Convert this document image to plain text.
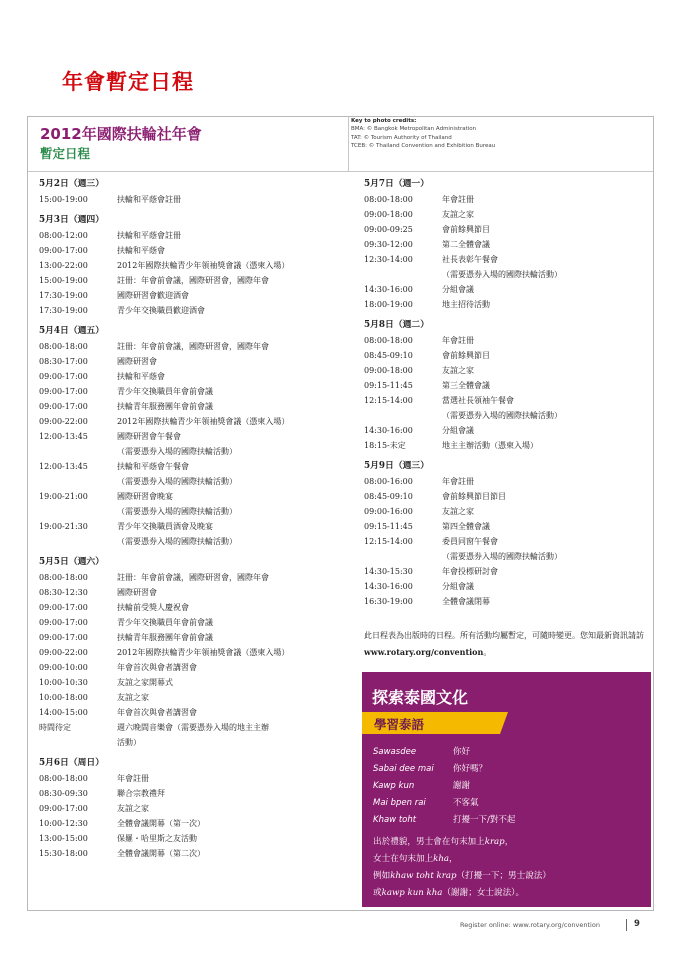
年會暫定日程
2012年國際扶輪社年會
暫定日程
Key to photo credits:
BMA: © Bangkok Metropolitan Administration
TAT: © Tourism Authority of Thailand
TCEB: © Thailand Convention and Exhibition Bureau
5月2日（週三）
15:00-19:00	扶輪和平蔭會註冊
5月3日（週四）
08:00-12:00	扶輪和平蔭會註冊
09:00-17:00	扶輪和平蔭會
13:00-22:00	2012年國際扶輪青少年領袖獎會議（憑柬入場）
15:00-19:00	註冊：年會前會議，國際研習會，國際年會
17:30-19:00	國際研習會歡迎酒會
17:30-19:00	青少年交換職員歡迎酒會
5月4日（週五）
08:00-18:00	註冊：年會前會議，國際研習會，國際年會
08:30-17:00	國際研習會
09:00-17:00	扶輪和平蔭會
09:00-17:00	青少年交換職員年會前會議
09:00-17:00	扶輪青年服務團年會前會議
09:00-22:00	2012年國際扶輪青少年領袖獎會議（憑柬入場）
12:00-13:45	國際研習會午餐會
（需要憑券入場的國際扶輪活動）
12:00-13:45	扶輪和平蔭會午餐會
（需要憑券入場的國際扶輪活動）
19:00-21:00	國際研習會晚宴
（需要憑券入場的國際扶輪活動）
19:00-21:30	青少年交換職員酒會及晚宴
（需要憑券入場的國際扶輪活動）
5月5日（週六）
08:00-18:00	註冊：年會前會議，國際研習會，國際年會
08:30-12:30	國際研習會
09:00-17:00	扶輪前受獎人慶祝會
09:00-17:00	青少年交換職員年會前會議
09:00-17:00	扶輪青年服務團年會前會議
09:00-22:00	2012年國際扶輪青少年領袖獎會議（憑柬入場）
09:00-10:00	年會首次與會者講習會
10:00-10:30	友誼之家開幕式
10:00-18:00	友誼之家
14:00-15:00	年會首次與會者講習會
時間待定	週六晚間音樂會（需要憑券入場的地主主辦
活動）
5月6日（周日）
08:00-18:00	年會註冊
08:30-09:30	聯合宗教禮拜
09:00-17:00	友誼之家
10:00-12:30	全體會議開幕（第一次）
13:00-15:00	保羅・哈里斯之友活動
15:30-18:00	全體會議開幕（第二次）
5月7日（週一）
08:00-18:00	年會註冊
09:00-18:00	友誼之家
09:00-09:25	會前餘興節目
09:30-12:00	第二全體會議
12:30-14:00	社長表彰午餐會
（需要憑券入場的國際扶輪活動）
14:30-16:00	分組會議
18:00-19:00	地主招待活動
5月8日（週二）
08:00-18:00	年會註冊
08:45-09:10	會前餘興節目
09:00-18:00	友誼之家
09:15-11:45	第三全體會議
12:15-14:00	當選社長領袖午餐會
（需要憑券入場的國際扶輪活動）
14:30-16:00	分組會議
18:15-未定	地主主辦活動（憑柬入場）
5月9日（週三）
08:00-16:00	年會註冊
08:45-09:10	會前餘興節目節目
09:00-16:00	友誼之家
09:15-11:45	第四全體會議
12:15-14:00	委員同窗午餐會
（需要憑券入場的國際扶輪活動）
14:30-15:30	年會投標研討會
14:30-16:00	分組會議
16:30-19:00	全體會議閉幕
此日程表為出版時的日程。所有活動均屬暫定，可隨時變更。您知最新資訊請訪www.rotary.org/convention。
探索泰國文化
學習泰語
Sawasdee	你好
Sabai dee mai	你好嗎？
Kawp kun	謝謝
Mai bpen rai	不客氣
Khaw toht	打擾一下/對不起
出於禮貌，男士會在句末加上krap，
女士在句末加上kha，
例如khaw toht krap（打擾一下；男士說法）
或kawp kun kha（謝謝；女士說法）。
Register online: www.rotary.org/convention	9
